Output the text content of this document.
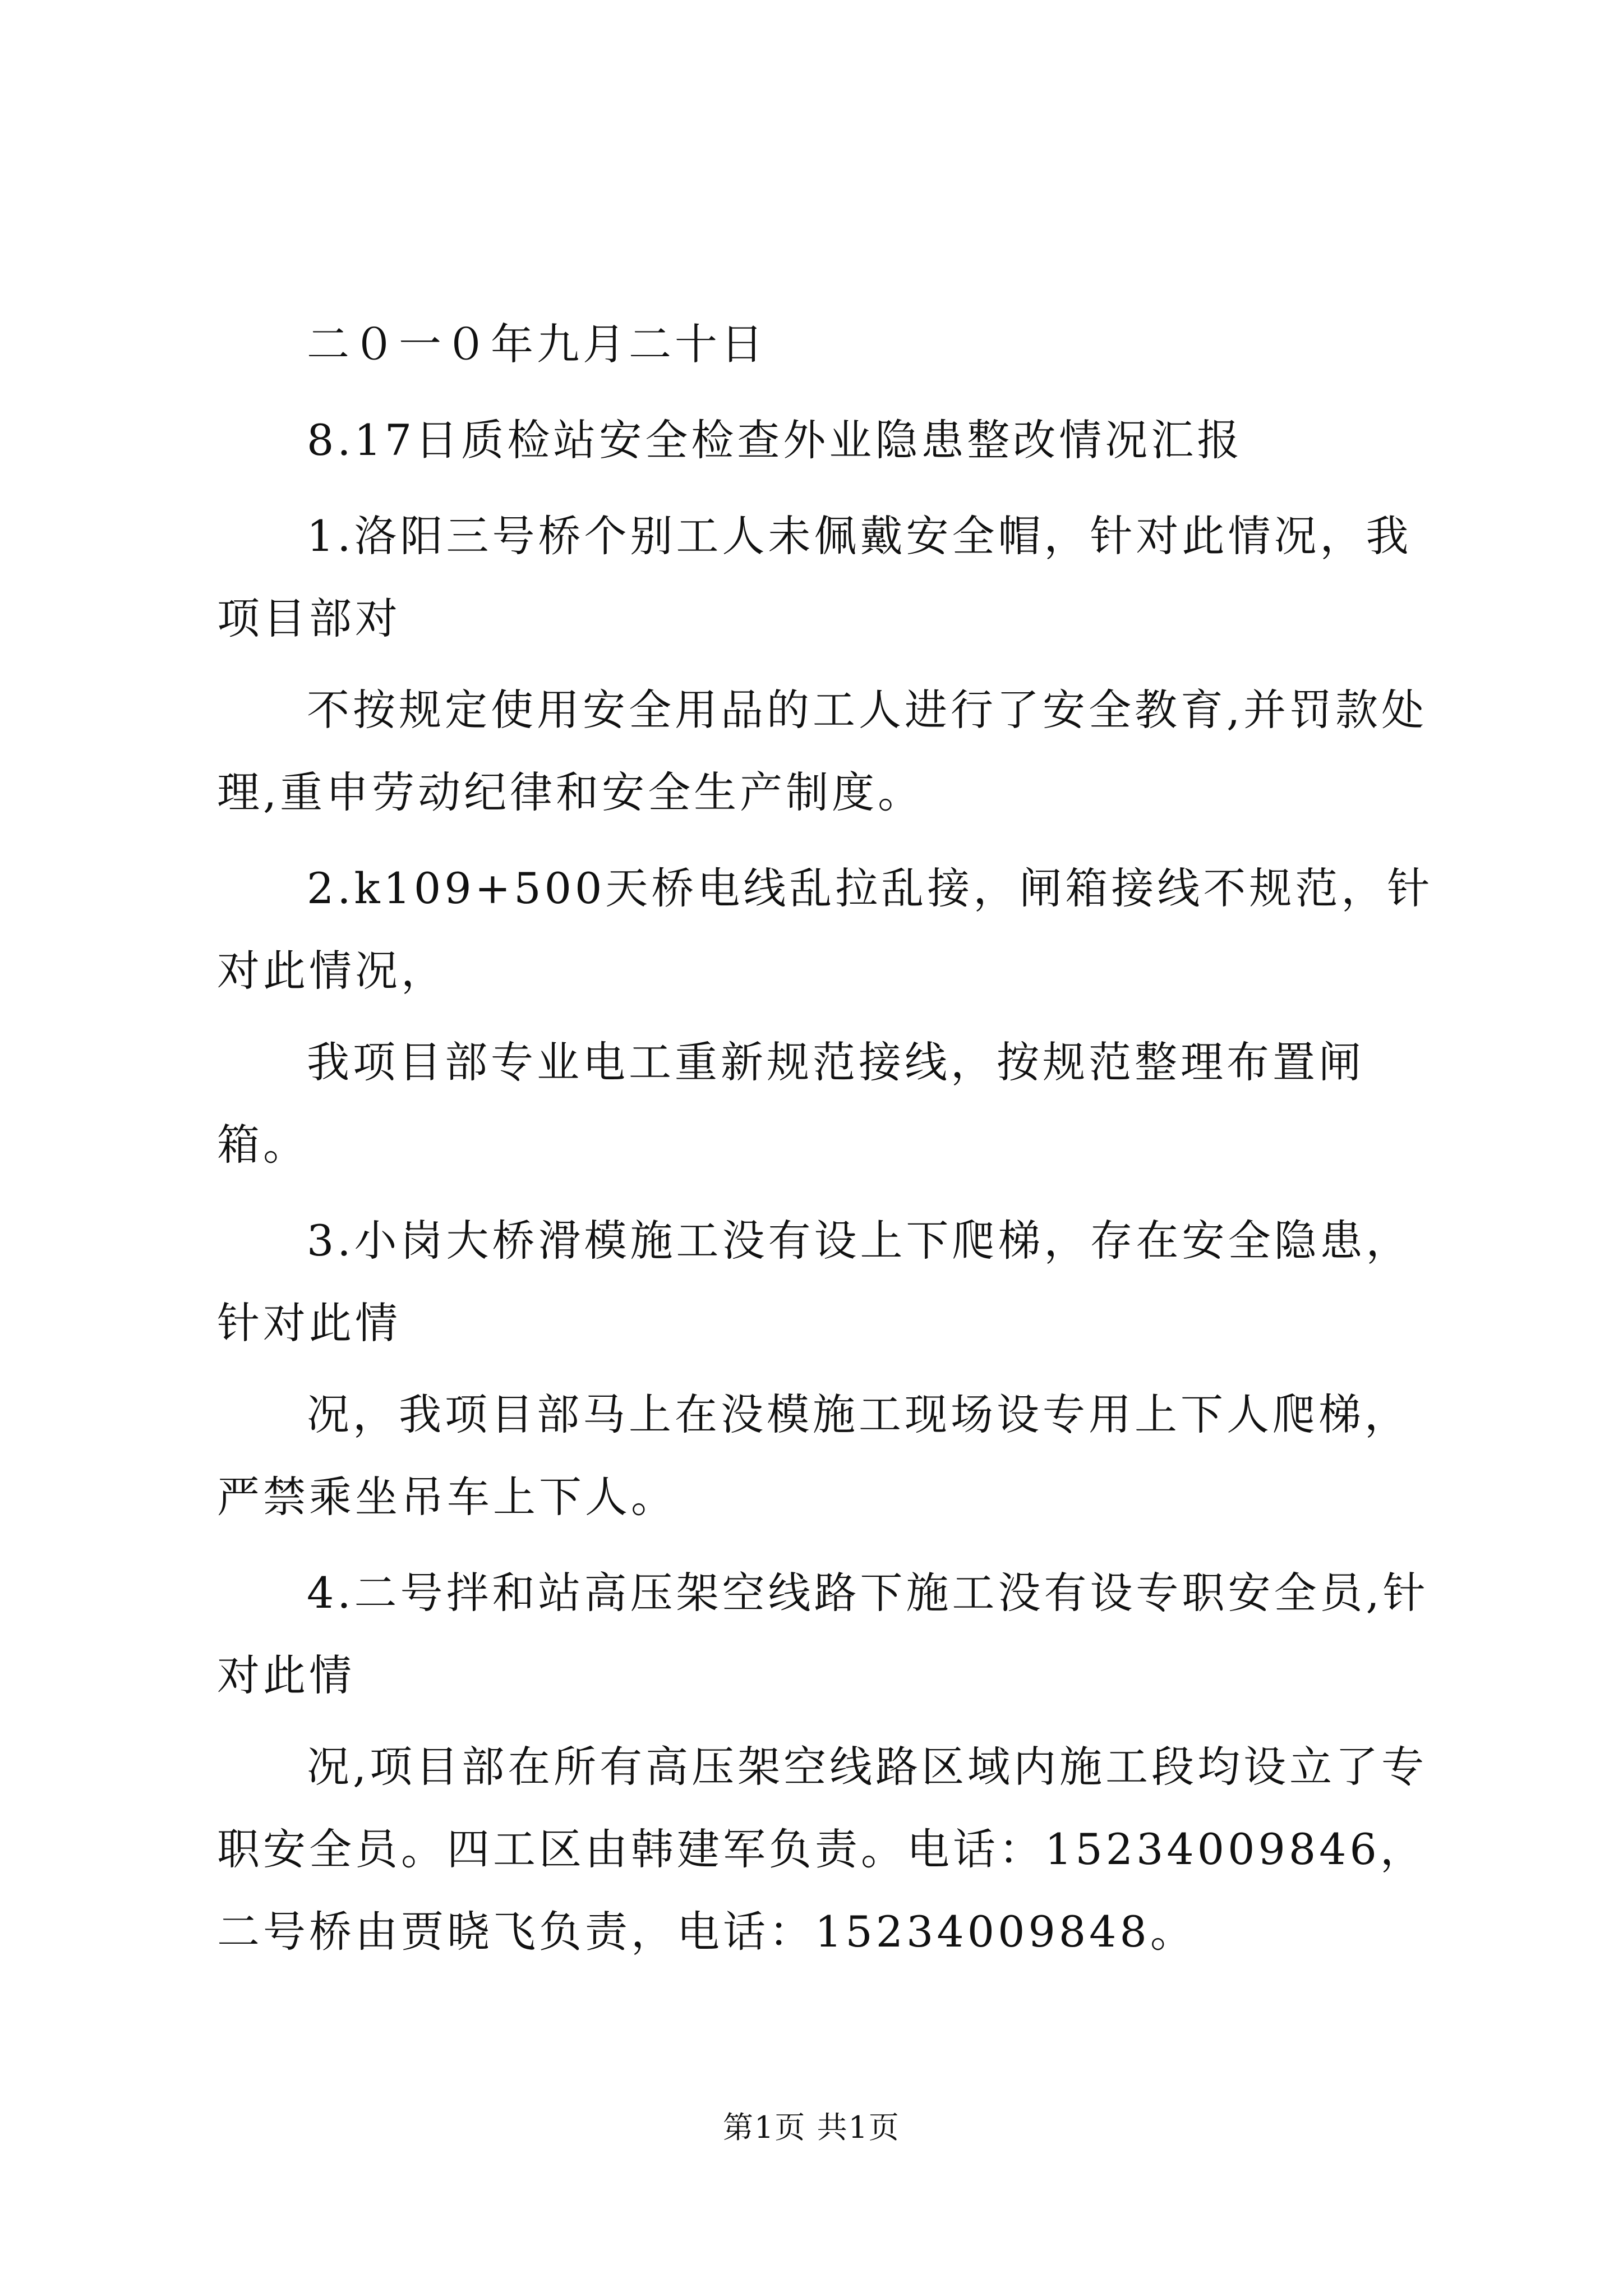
二０一０年九月二十日

8.17日质检站安全检查外业隐患整改情况汇报

1.洛阳三号桥个别工人未佩戴安全帽，针对此情况，我项目部对

不按规定使用安全用品的工人进行了安全教育,并罚款处理,重申劳动纪律和安全生产制度。

2.k109+500天桥电线乱拉乱接，闸箱接线不规范，针对此情况，

我项目部专业电工重新规范接线，按规范整理布置闸箱。

3.小岗大桥滑模施工没有设上下爬梯，存在安全隐患，针对此情

况，我项目部马上在没模施工现场设专用上下人爬梯，严禁乘坐吊车上下人。

4.二号拌和站高压架空线路下施工没有设专职安全员,针对此情

况,项目部在所有高压架空线路区域内施工段均设立了专职安全员。四工区由韩建军负责。电话：15234009846，二号桥由贾晓飞负责，电话：15234009848。

第1页 共1页
